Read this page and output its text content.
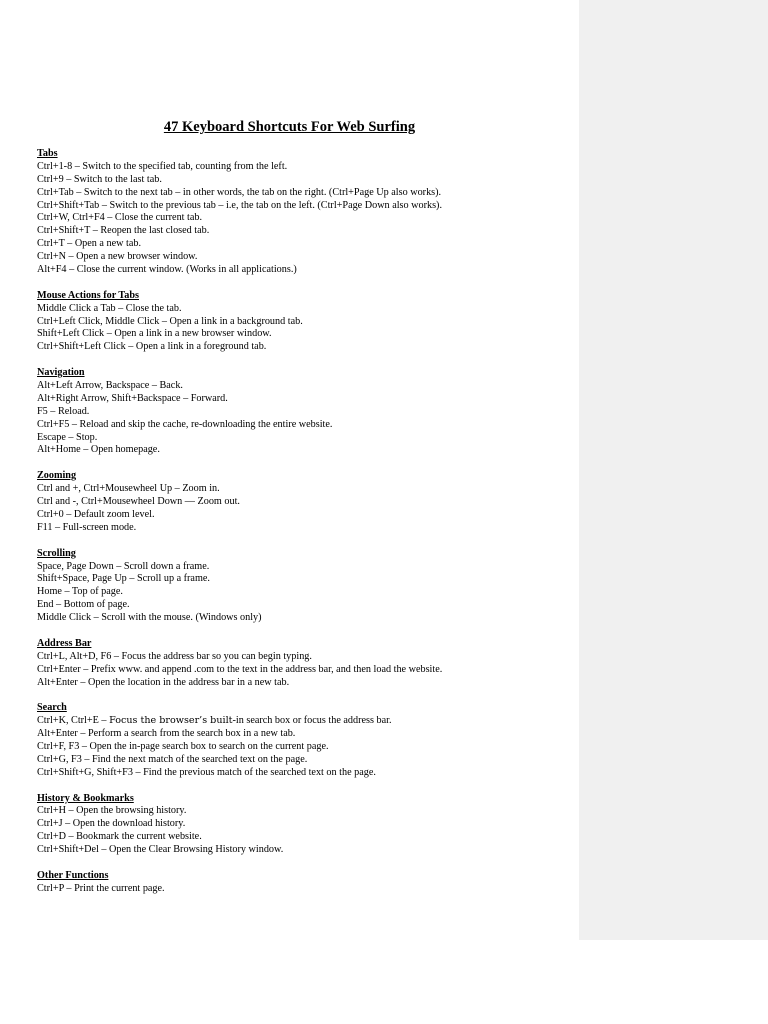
47 Keyboard Shortcuts For Web Surfing
Tabs
Ctrl+1-8 – Switch to the specified tab, counting from the left.
Ctrl+9 – Switch to the last tab.
Ctrl+Tab – Switch to the next tab – in other words, the tab on the right. (Ctrl+Page Up also works).
Ctrl+Shift+Tab – Switch to the previous tab – i.e, the tab on the left. (Ctrl+Page Down also works).
Ctrl+W, Ctrl+F4 – Close the current tab.
Ctrl+Shift+T – Reopen the last closed tab.
Ctrl+T – Open a new tab.
Ctrl+N – Open a new browser window.
Alt+F4 – Close the current window. (Works in all applications.)
Mouse Actions for Tabs
Middle Click a Tab – Close the tab.
Ctrl+Left Click, Middle Click – Open a link in a background tab.
Shift+Left Click – Open a link in a new browser window.
Ctrl+Shift+Left Click – Open a link in a foreground tab.
Navigation
Alt+Left Arrow, Backspace – Back.
Alt+Right Arrow, Shift+Backspace – Forward.
F5 – Reload.
Ctrl+F5 – Reload and skip the cache, re-downloading the entire website.
Escape – Stop.
Alt+Home – Open homepage.
Zooming
Ctrl and +, Ctrl+Mousewheel Up – Zoom in.
Ctrl and -, Ctrl+Mousewheel Down — Zoom out.
Ctrl+0 – Default zoom level.
F11 – Full-screen mode.
Scrolling
Space, Page Down – Scroll down a frame.
Shift+Space, Page Up – Scroll up a frame.
Home – Top of page.
End – Bottom of page.
Middle Click – Scroll with the mouse. (Windows only)
Address Bar
Ctrl+L, Alt+D, F6 – Focus the address bar so you can begin typing.
Ctrl+Enter – Prefix www. and append .com to the text in the address bar, and then load the website.
Alt+Enter – Open the location in the address bar in a new tab.
Search
Ctrl+K, Ctrl+E – Focus the browser’s built-in search box or focus the address bar.
Alt+Enter – Perform a search from the search box in a new tab.
Ctrl+F, F3 – Open the in-page search box to search on the current page.
Ctrl+G, F3 – Find the next match of the searched text on the page.
Ctrl+Shift+G, Shift+F3 – Find the previous match of the searched text on the page.
History & Bookmarks
Ctrl+H – Open the browsing history.
Ctrl+J – Open the download history.
Ctrl+D – Bookmark the current website.
Ctrl+Shift+Del – Open the Clear Browsing History window.
Other Functions
Ctrl+P – Print the current page.
